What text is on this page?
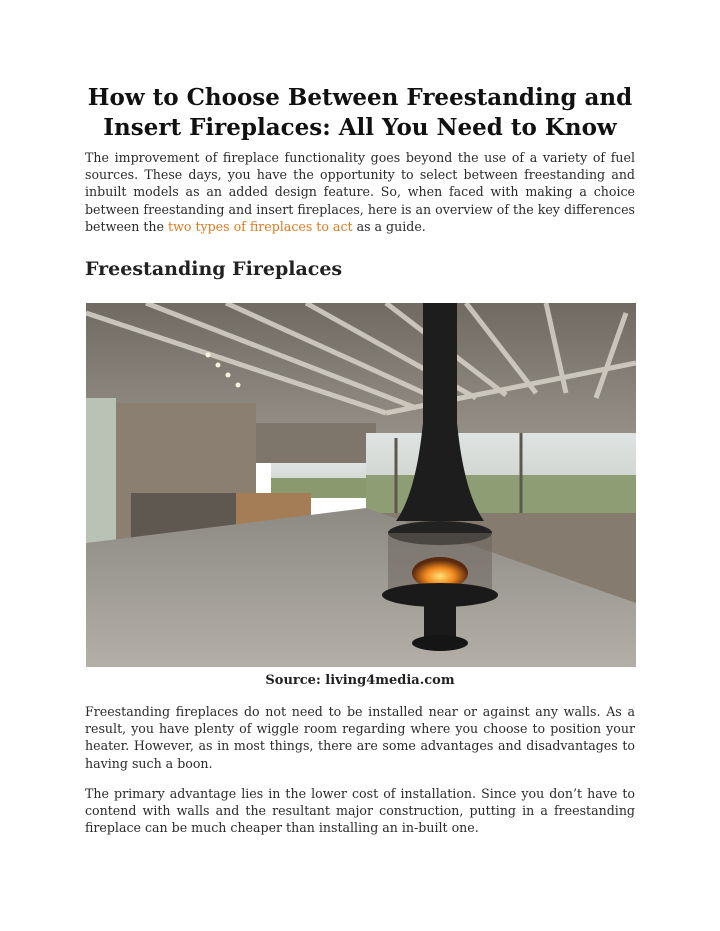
How to Choose Between Freestanding and Insert Fireplaces: All You Need to Know
The improvement of fireplace functionality goes beyond the use of a variety of fuel sources. These days, you have the opportunity to select between freestanding and inbuilt models as an added design feature. So, when faced with making a choice between freestanding and insert fireplaces, here is an overview of the key differences between the two types of fireplaces to act as a guide.
Freestanding Fireplaces
Source: living4media.com
Freestanding fireplaces do not need to be installed near or against any walls. As a result, you have plenty of wiggle room regarding where you choose to position your heater. However, as in most things, there are some advantages and disadvantages to having such a boon.
The primary advantage lies in the lower cost of installation. Since you don’t have to contend with walls and the resultant major construction, putting in a freestanding fireplace can be much cheaper than installing an in-built one.
